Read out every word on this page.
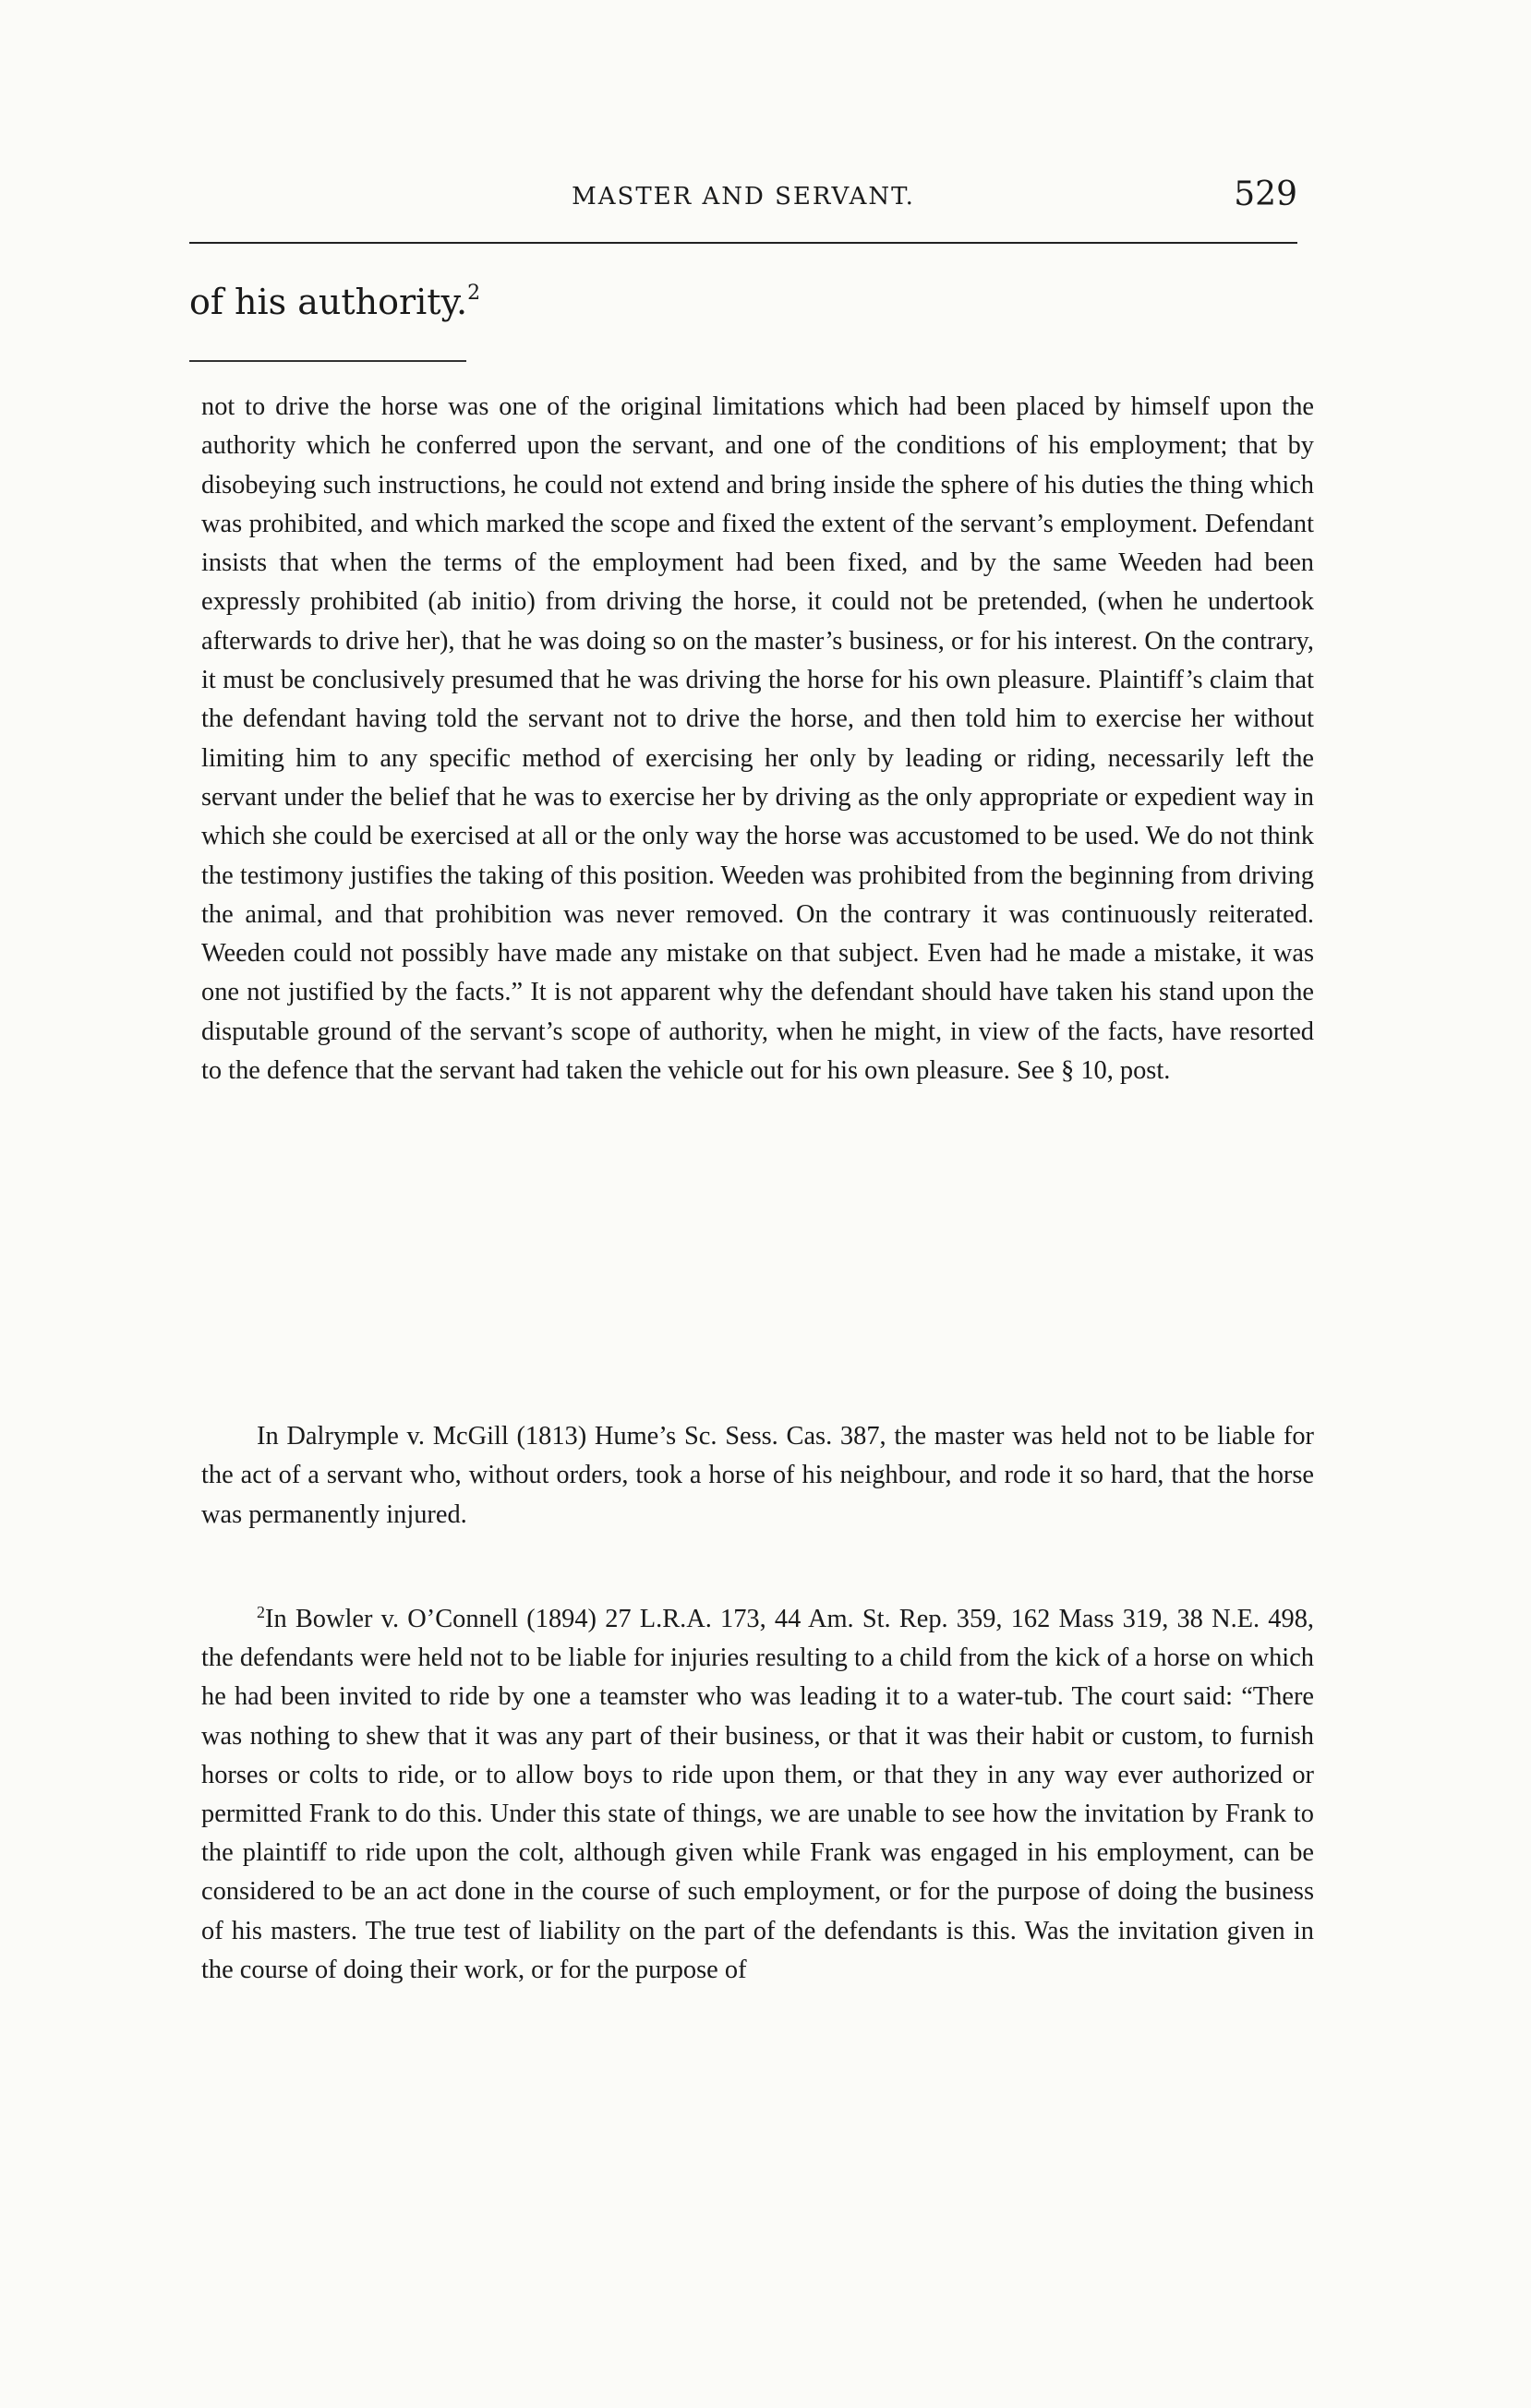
MASTER AND SERVANT.	529
of his authority.$^2$

not to drive the horse was one of the original limitations which had been placed by himself upon the authority which he conferred upon the servant, and one of the conditions of his employment; that by disobeying such instructions, he could not extend and bring inside the sphere of his duties the thing which was prohibited, and which marked the scope and fixed the extent of the servant’s employment. Defendant insists that when the terms of the employment had been fixed, and by the same Weeden had been expressly prohibited (ab initio) from driving the horse, it could not be pretended, (when he undertook afterwards to drive her), that he was doing so on the master’s business, or for his interest. On the contrary, it must be conclusively presumed that he was driving the horse for his own pleasure. Plaintiff’s claim that the defendant having told the servant not to drive the horse, and then told him to exercise her without limiting him to any specific method of exercising her only by leading or riding, necessarily left the servant under the belief that he was to exercise her by driving as the only appropriate or expedient way in which she could be exercised at all or the only way the horse was accustomed to be used. We do not think the testimony justifies the taking of this position. Weeden was prohibited from the beginning from driving the animal, and that prohibition was never removed. On the contrary it was continuously reiterated. Weeden could not possibly have made any mistake on that subject. Even had he made a mistake, it was one not justified by the facts.” It is not apparent why the defendant should have taken his stand upon the disputable ground of the servant’s scope of authority, when he might, in view of the facts, have resorted to the defence that the servant had taken the vehicle out for his own pleasure. See § 10, post.

In Dalrymple v. McGill (1813) Hume’s Sc. Sess. Cas. 387, the master was held not to be liable for the act of a servant who, without orders, took a horse of his neighbour, and rode it so hard, that the horse was permanently injured.

$^2$In Bowler v. O’Connell (1894) 27 L.R.A. 173, 44 Am. St. Rep. 359, 162 Mass 319, 38 N.E. 498, the defendants were held not to be liable for injuries resulting to a child from the kick of a horse on which he had been invited to ride by one a teamster who was leading it to a water-tub. The court said: “There was nothing to shew that it was any part of their business, or that it was their habit or custom, to furnish horses or colts to ride, or to allow boys to ride upon them, or that they in any way ever authorized or permitted Frank to do this. Under this state of things, we are unable to see how the invitation by Frank to the plaintiff to ride upon the colt, although given while Frank was engaged in his employment, can be considered to be an act done in the course of such employment, or for the purpose of doing the business of his masters. The true test of liability on the part of the defendants is this. Was the invitation given in the course of doing their work, or for the purpose of
